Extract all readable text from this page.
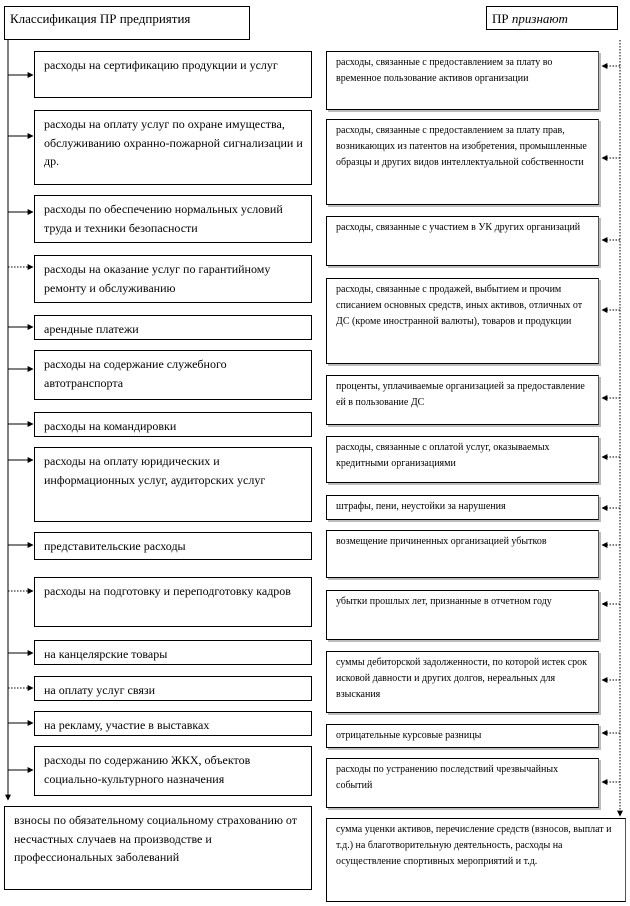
Классификация ПР предприятия	ПР признают
расходы на сертификацию продукции и услуг
расходы на оплату услуг по охране имущества, обслуживанию охранно-пожарной сигнализации и др.
расходы по обеспечению нормальных условий труда и техники безопасности
расходы на оказание услуг по гарантийному ремонту и обслуживанию
арендные платежи
расходы на содержание служебного автотранспорта
расходы на командировки
расходы на оплату юридических и информационных услуг, аудиторских услуг
представительские расходы
расходы на подготовку и переподготовку кадров
на канцелярские товары
на оплату услуг связи
на рекламу, участие в выставках
расходы по содержанию ЖКХ, объектов социально-культурного назначения
взносы по обязательному социальному страхованию от несчастных случаев на производстве и профессиональных заболеваний
расходы, связанные с предоставлением за плату во временное пользование активов организации
расходы, связанные с предоставлением за плату прав, возникающих из патентов на изобретения, промышленные образцы и других видов интеллектуальной собственности
расходы, связанные с участием в УК других организаций
расходы, связанные с продажей, выбытием и прочим списанием основных средств, иных активов, отличных от ДС (кроме иностранной валюты), товаров и продукции
проценты, уплачиваемые организацией за предоставление ей в пользование ДС
расходы, связанные с оплатой услуг, оказываемых кредитными организациями
штрафы, пени, неустойки за нарушения
возмещение причиненных организацией убытков
убытки прошлых лет, признанные в отчетном году
суммы дебиторской задолженности, по которой истек срок исковой давности и других долгов, нереальных для взыскания
отрицательные курсовые разницы
расходы по устранению последствий чрезвычайных событий
сумма уценки активов, перечисление средств (взносов, выплат и т.д.) на благотворительную деятельность, расходы на осуществление спортивных мероприятий и т.д.
